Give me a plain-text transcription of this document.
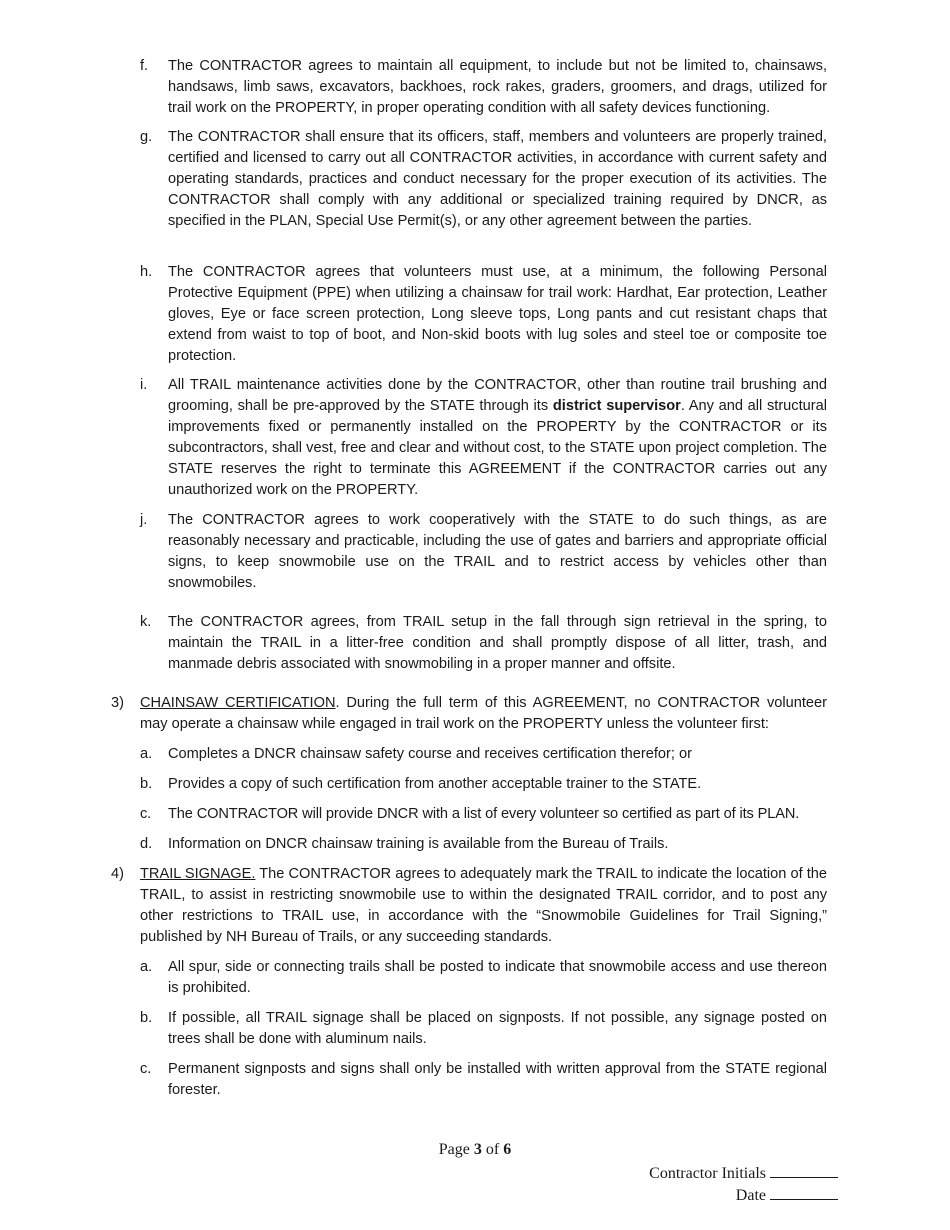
f. The CONTRACTOR agrees to maintain all equipment, to include but not be limited to, chainsaws, handsaws, limb saws, excavators, backhoes, rock rakes, graders, groomers, and drags, utilized for trail work on the PROPERTY, in proper operating condition with all safety devices functioning.
g. The CONTRACTOR shall ensure that its officers, staff, members and volunteers are properly trained, certified and licensed to carry out all CONTRACTOR activities, in accordance with current safety and operating standards, practices and conduct necessary for the proper execution of its activities. The CONTRACTOR shall comply with any additional or specialized training required by DNCR, as specified in the PLAN, Special Use Permit(s), or any other agreement between the parties.
h. The CONTRACTOR agrees that volunteers must use, at a minimum, the following Personal Protective Equipment (PPE) when utilizing a chainsaw for trail work: Hardhat, Ear protection, Leather gloves, Eye or face screen protection, Long sleeve tops, Long pants and cut resistant chaps that extend from waist to top of boot, and Non-skid boots with lug soles and steel toe or composite toe protection.
i. All TRAIL maintenance activities done by the CONTRACTOR, other than routine trail brushing and grooming, shall be pre-approved by the STATE through its district supervisor. Any and all structural improvements fixed or permanently installed on the PROPERTY by the CONTRACTOR or its subcontractors, shall vest, free and clear and without cost, to the STATE upon project completion. The STATE reserves the right to terminate this AGREEMENT if the CONTRACTOR carries out any unauthorized work on the PROPERTY.
j. The CONTRACTOR agrees to work cooperatively with the STATE to do such things, as are reasonably necessary and practicable, including the use of gates and barriers and appropriate official signs, to keep snowmobile use on the TRAIL and to restrict access by vehicles other than snowmobiles.
k. The CONTRACTOR agrees, from TRAIL setup in the fall through sign retrieval in the spring, to maintain the TRAIL in a litter-free condition and shall promptly dispose of all litter, trash, and manmade debris associated with snowmobiling in a proper manner and offsite.
3) CHAINSAW CERTIFICATION. During the full term of this AGREEMENT, no CONTRACTOR volunteer may operate a chainsaw while engaged in trail work on the PROPERTY unless the volunteer first:
a. Completes a DNCR chainsaw safety course and receives certification therefor; or
b. Provides a copy of such certification from another acceptable trainer to the STATE.
c. The CONTRACTOR will provide DNCR with a list of every volunteer so certified as part of its PLAN.
d. Information on DNCR chainsaw training is available from the Bureau of Trails.
4) TRAIL SIGNAGE. The CONTRACTOR agrees to adequately mark the TRAIL to indicate the location of the TRAIL, to assist in restricting snowmobile use to within the designated TRAIL corridor, and to post any other restrictions to TRAIL use, in accordance with the “Snowmobile Guidelines for Trail Signing,” published by NH Bureau of Trails, or any succeeding standards.
a. All spur, side or connecting trails shall be posted to indicate that snowmobile access and use thereon is prohibited.
b. If possible, all TRAIL signage shall be placed on signposts. If not possible, any signage posted on trees shall be done with aluminum nails.
c. Permanent signposts and signs shall only be installed with written approval from the STATE regional forester.
Page 3 of 6
Contractor Initials
Date
